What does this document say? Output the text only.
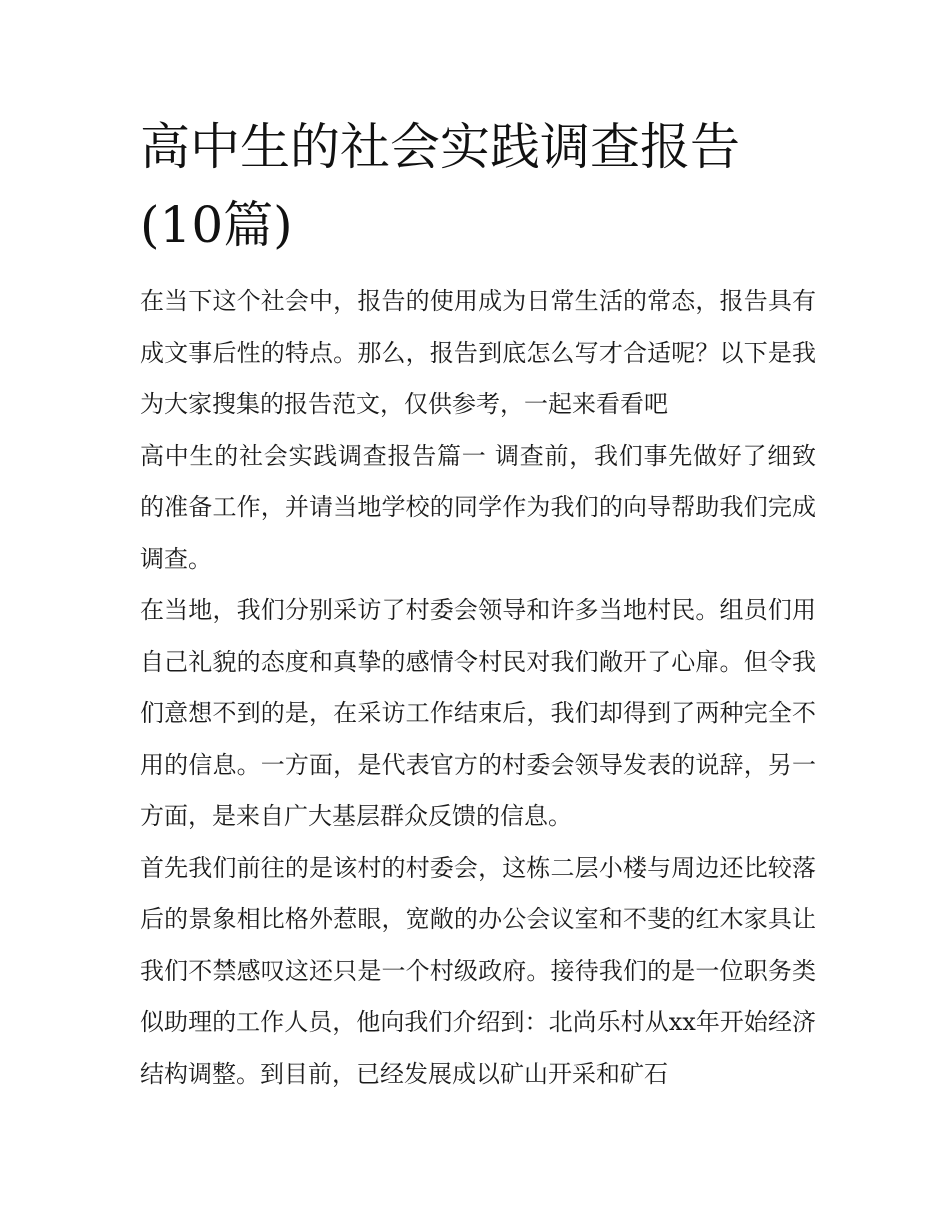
高中生的社会实践调查报告(10篇)

在当下这个社会中，报告的使用成为日常生活的常态，报告具有成文事后性的特点。那么，报告到底怎么写才合适呢？以下是我为大家搜集的报告范文，仅供参考，一起来看看吧

高中生的社会实践调查报告篇一 调查前，我们事先做好了细致的准备工作，并请当地学校的同学作为我们的向导帮助我们完成调查。

在当地，我们分别采访了村委会领导和许多当地村民。组员们用自己礼貌的态度和真挚的感情令村民对我们敞开了心扉。但令我们意想不到的是，在采访工作结束后，我们却得到了两种完全不用的信息。一方面，是代表官方的村委会领导发表的说辞，另一方面，是来自广大基层群众反馈的信息。

首先我们前往的是该村的村委会，这栋二层小楼与周边还比较落后的景象相比格外惹眼，宽敞的办公会议室和不斐的红木家具让我们不禁感叹这还只是一个村级政府。接待我们的是一位职务类似助理的工作人员，他向我们介绍到：北尚乐村从xx年开始经济结构调整。到目前，已经发展成以矿山开采和矿石
